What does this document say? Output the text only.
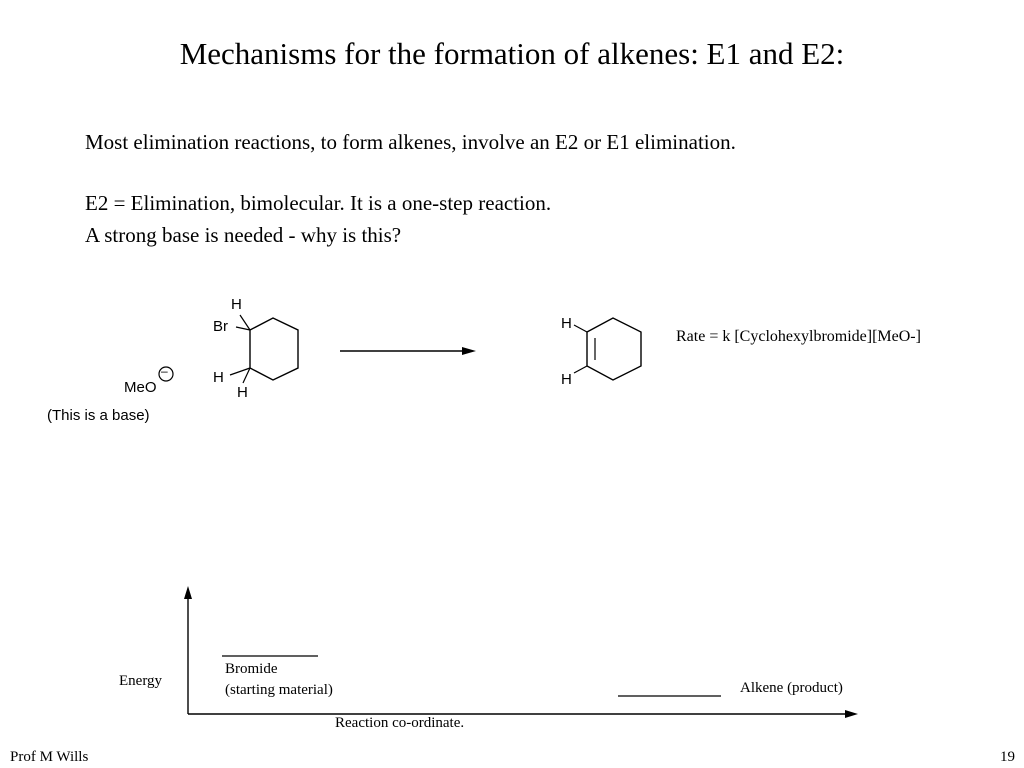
Mechanisms for the formation of alkenes: E1 and E2:
Most elimination reactions, to form alkenes, involve an E2 or E1 elimination.
E2 = Elimination, bimolecular. It is a one-step reaction.
A strong base is needed - why is this?
MeO
–
(This is a base)
H
Br
H
H
H
H
Rate = k [Cyclohexylbromide][MeO-]
Energy
Bromide
(starting material)	Alkene (product)
Reaction co-ordinate.
Prof M Wills	19
